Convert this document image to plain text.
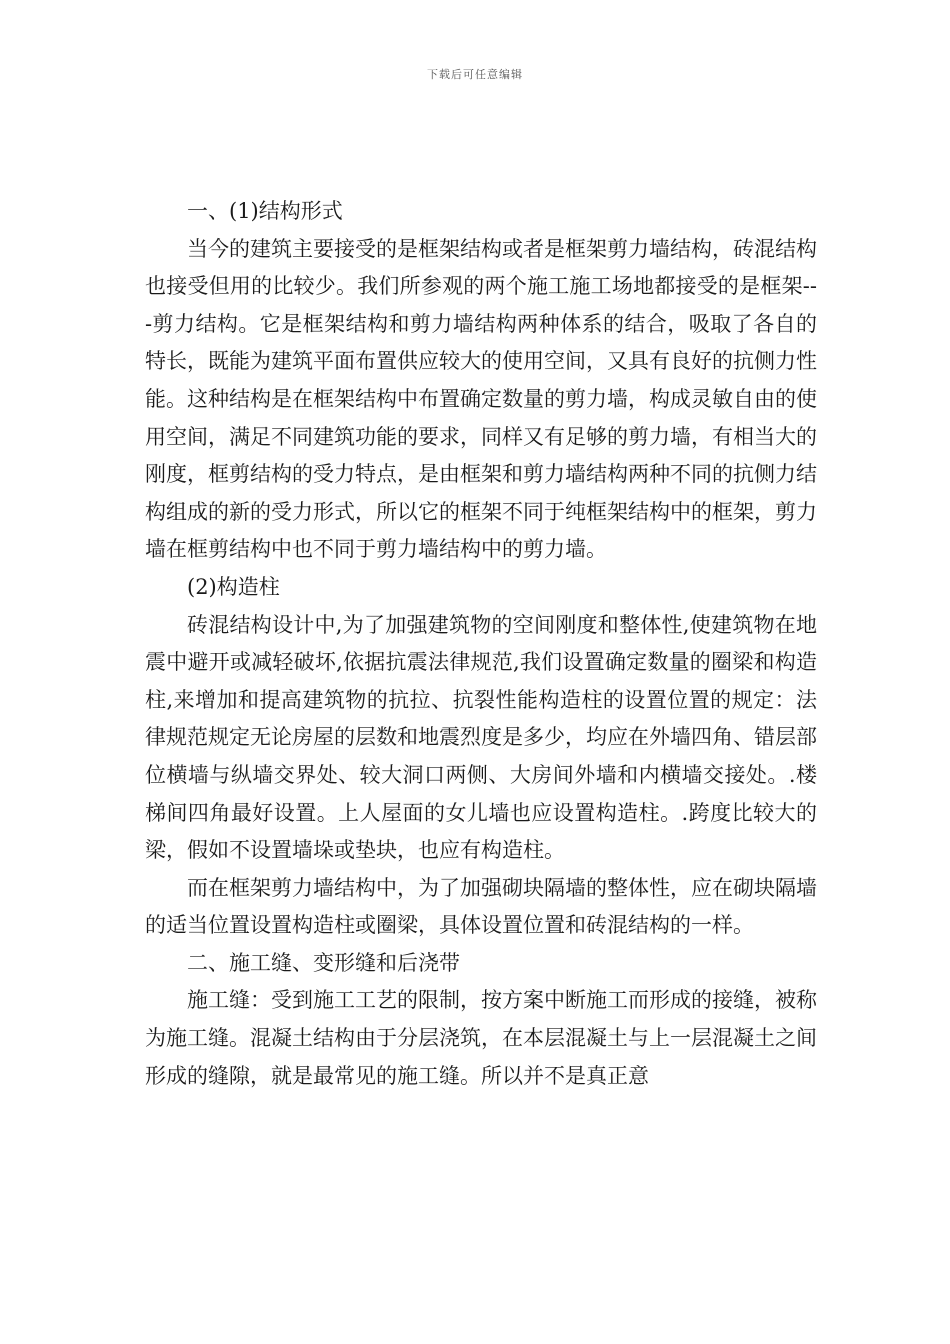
下载后可任意编辑

一、(1)结构形式

当今的建筑主要接受的是框架结构或者是框架剪力墙结构，砖混结构也接受但用的比较少。我们所参观的两个施工施工场地都接受的是框架---剪力结构。它是框架结构和剪力墙结构两种体系的结合，吸取了各自的特长，既能为建筑平面布置供应较大的使用空间，又具有良好的抗侧力性能。这种结构是在框架结构中布置确定数量的剪力墙，构成灵敏自由的使用空间，满足不同建筑功能的要求，同样又有足够的剪力墙，有相当大的刚度，框剪结构的受力特点，是由框架和剪力墙结构两种不同的抗侧力结构组成的新的受力形式，所以它的框架不同于纯框架结构中的框架，剪力墙在框剪结构中也不同于剪力墙结构中的剪力墙。

(2)构造柱

砖混结构设计中,为了加强建筑物的空间刚度和整体性,使建筑物在地震中避开或减轻破坏,依据抗震法律规范,我们设置确定数量的圈梁和构造柱,来增加和提高建筑物的抗拉、抗裂性能构造柱的设置位置的规定：法律规范规定无论房屋的层数和地震烈度是多少，均应在外墙四角、错层部位横墙与纵墙交界处、较大洞口两侧、大房间外墙和内横墙交接处。.楼梯间四角最好设置。上人屋面的女儿墙也应设置构造柱。.跨度比较大的梁，假如不设置墙垛或垫块，也应有构造柱。

而在框架剪力墙结构中，为了加强砌块隔墙的整体性，应在砌块隔墙的适当位置设置构造柱或圈梁，具体设置位置和砖混结构的一样。

二、施工缝、变形缝和后浇带

施工缝：受到施工工艺的限制，按方案中断施工而形成的接缝，被称为施工缝。混凝土结构由于分层浇筑，在本层混凝土与上一层混凝土之间形成的缝隙，就是最常见的施工缝。所以并不是真正意
